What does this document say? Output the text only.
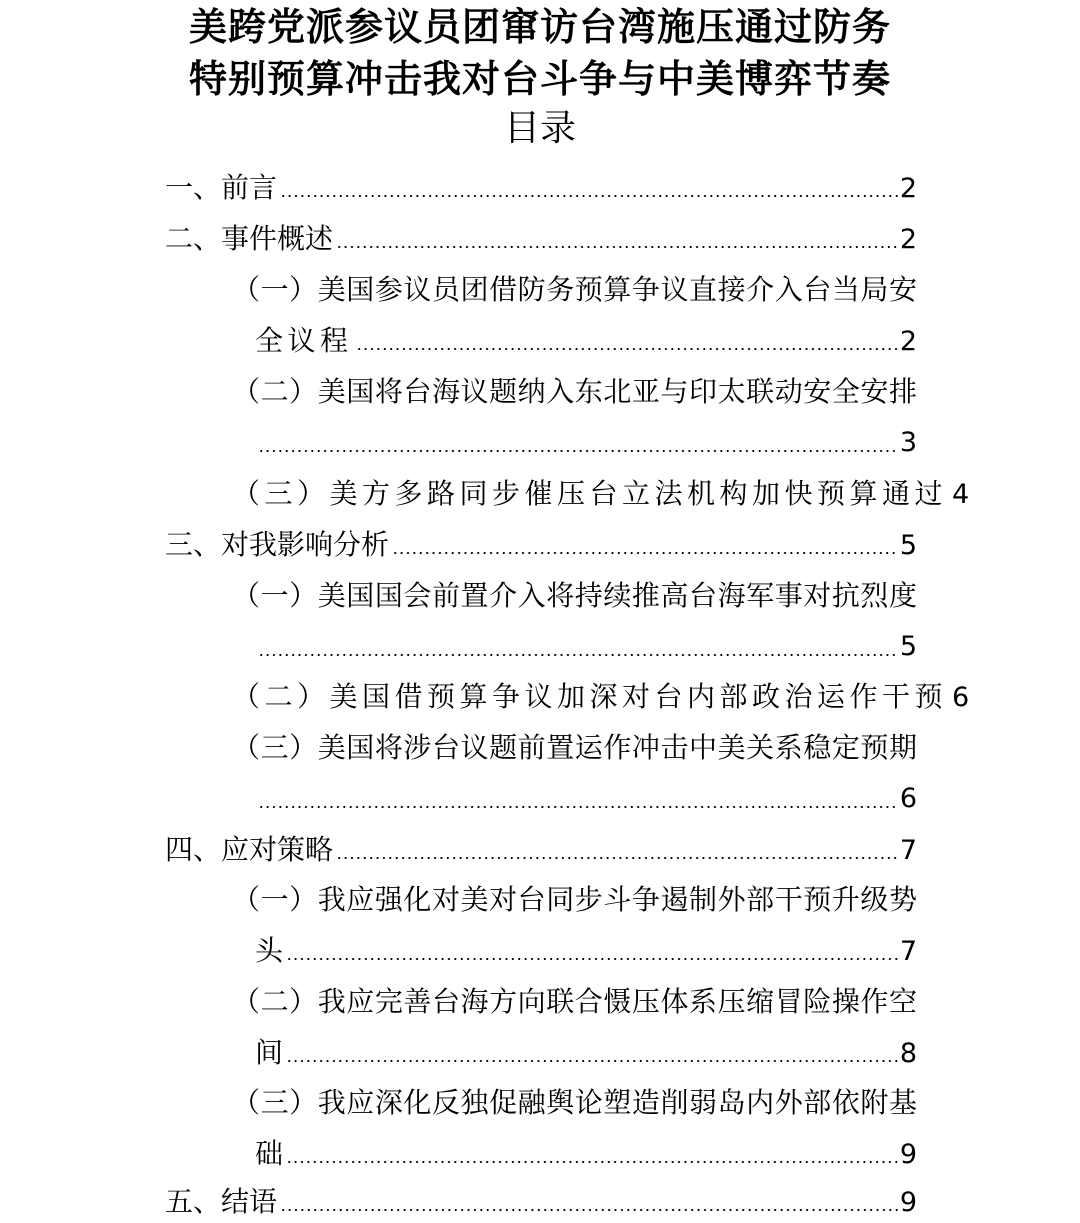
美跨党派参议员团窜访台湾施压通过防务
特别预算冲击我对台斗争与中美博弈节奏
目录
一、前言	2
二、事件概述	2
（一）美国参议员团借防务预算争议直接介入台当局安
全议程	2
（二）美国将台海议题纳入东北亚与印太联动安全安排
3
（三）美方多路同步催压台立法机构加快预算通过 4
三、对我影响分析	5
（一）美国国会前置介入将持续推高台海军事对抗烈度
5
（二）美国借预算争议加深对台内部政治运作干预 6
（三）美国将涉台议题前置运作冲击中美关系稳定预期
6
四、应对策略	7
（一）我应强化对美对台同步斗争遏制外部干预升级势
头	7
（二）我应完善台海方向联合慑压体系压缩冒险操作空
间	8
（三）我应深化反独促融舆论塑造削弱岛内外部依附基
础	9
五、结语	9
